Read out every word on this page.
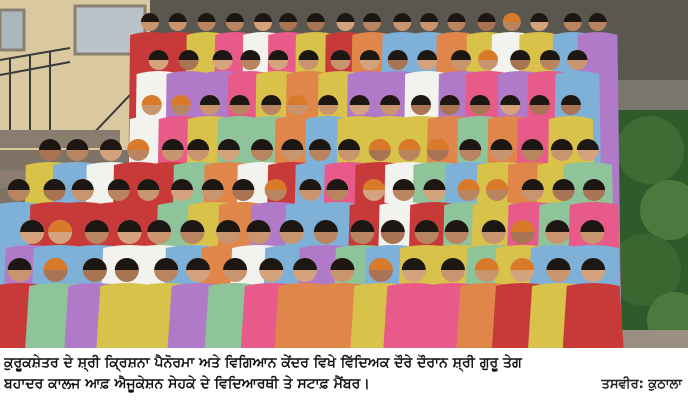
ਕੁਰੂਕਸ਼ੇਤਰ ਦੇ ਸ਼੍ਰੀ ਕ੍ਰਿਸ਼ਨਾ ਪੈਨੋਰਮਾ ਅਤੇ ਵਿਗਿਆਨ ਕੇਂਦਰ ਵਿਖੇ ਵਿੱਦਿਅਕ ਦੌਰੇ ਦੌਰਾਨ ਸ਼੍ਰੀ ਗੁਰੂ ਤੇਗ
ਬਹਾਦਰ ਕਾਲਜ ਆਫ਼ ਐਜੂਕੇਸ਼ਨ ਸੇਹਕੇ ਦੇ ਵਿਦਿਆਰਥੀ ਤੇ ਸਟਾਫ਼ ਮੈਂਬਰ।	ਤਸਵੀਰ: ਕੁਠਾਲਾ
